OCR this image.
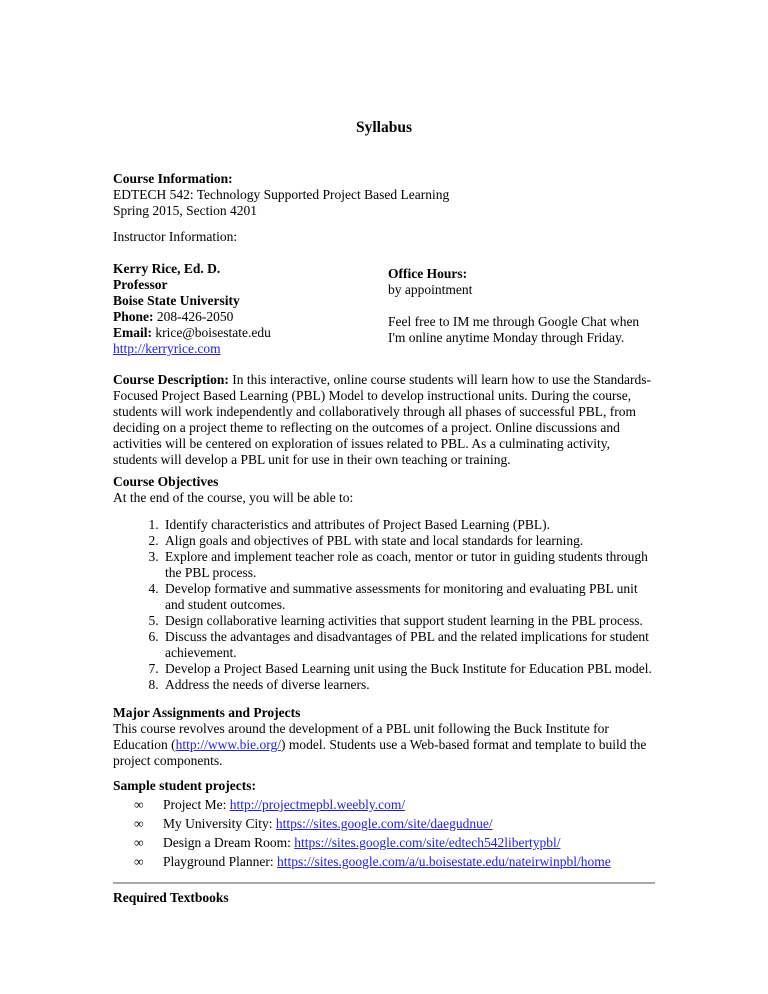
Syllabus
Course Information:
EDTECH 542: Technology Supported Project Based Learning
Spring 2015, Section 4201
Instructor Information:
Kerry Rice, Ed. D.
Professor
Boise State University
Phone: 208-426-2050
Email: krice@boisestate.edu
http://kerryrice.com
Office Hours:
by appointment
Feel free to IM me through Google Chat when I'm online anytime Monday through Friday.

Course Description: In this interactive, online course students will learn how to use the Standards-Focused Project Based Learning (PBL) Model to develop instructional units. During the course, students will work independently and collaboratively through all phases of successful PBL, from deciding on a project theme to reflecting on the outcomes of a project. Online discussions and activities will be centered on exploration of issues related to PBL. As a culminating activity, students will develop a PBL unit for use in their own teaching or training.

Course Objectives
At the end of the course, you will be able to:
1. Identify characteristics and attributes of Project Based Learning (PBL).
2. Align goals and objectives of PBL with state and local standards for learning.
3. Explore and implement teacher role as coach, mentor or tutor in guiding students through the PBL process.
4. Develop formative and summative assessments for monitoring and evaluating PBL unit and student outcomes.
5. Design collaborative learning activities that support student learning in the PBL process.
6. Discuss the advantages and disadvantages of PBL and the related implications for student achievement.
7. Develop a Project Based Learning unit using the Buck Institute for Education PBL model.
8. Address the needs of diverse learners.
Major Assignments and Projects

This course revolves around the development of a PBL unit following the Buck Institute for Education (http://www.bie.org/) model. Students use a Web-based format and template to build the project components.

Sample student projects:
∞ Project Me: http://projectmepbl.weebly.com/
∞ My University City: https://sites.google.com/site/daegudnue/
∞ Design a Dream Room: https://sites.google.com/site/edtech542libertypbl/
∞ Playground Planner: https://sites.google.com/a/u.boisestate.edu/nateirwinpbl/home
Required Textbooks
